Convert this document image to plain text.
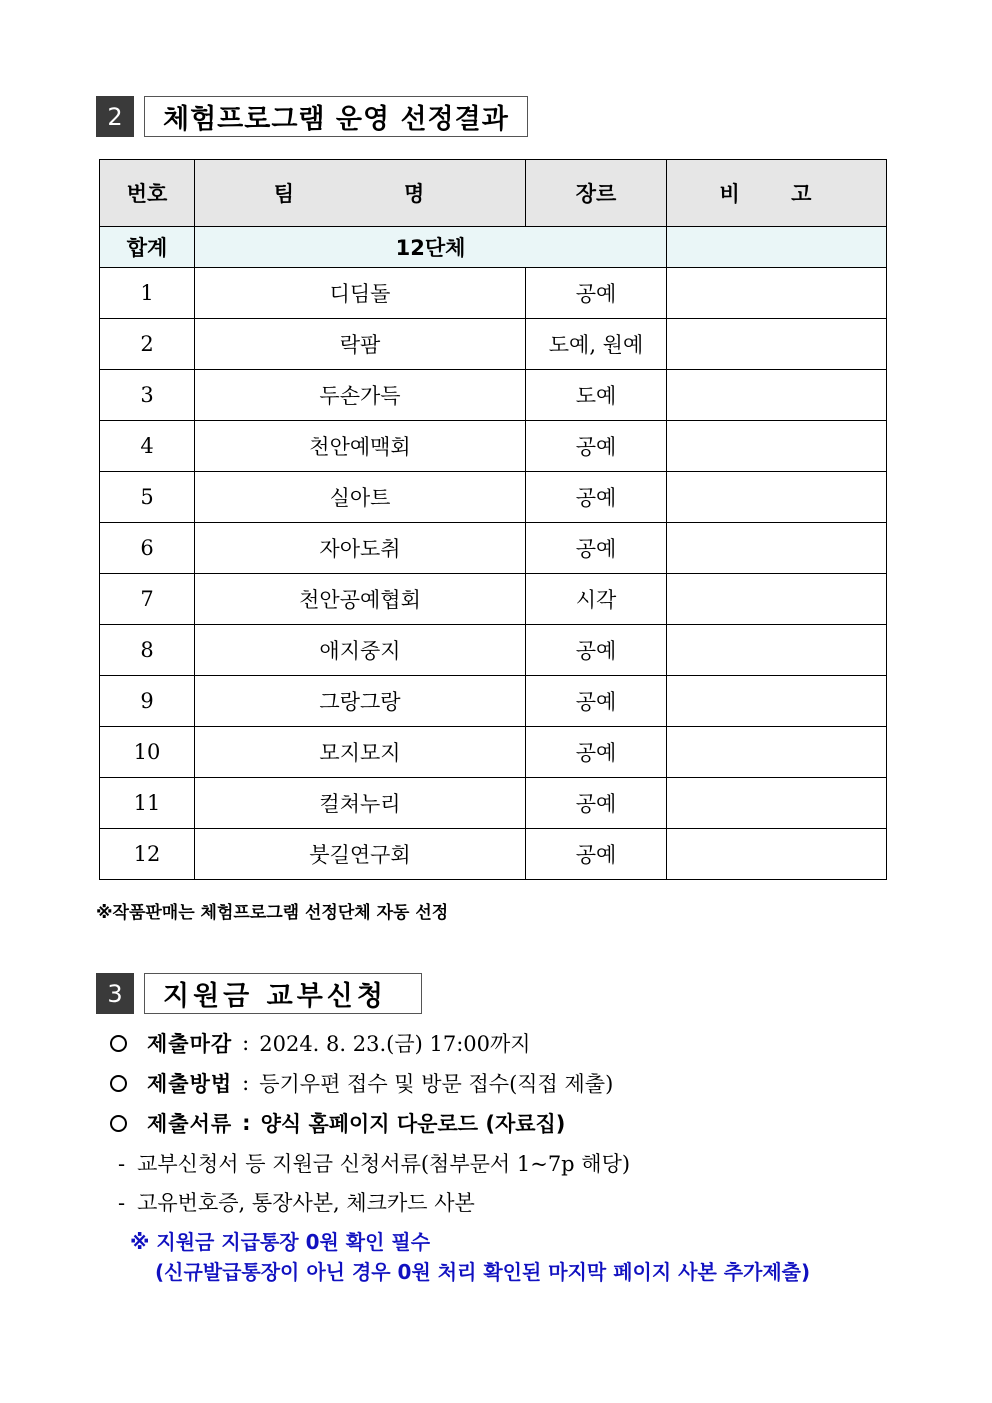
2	체험프로그램 운영 선정결과
번호	팀   명	장르	비 고
합계	12단체		
1	디딤돌	공예	
2	락팜	도예, 원예	
3	두손가득	도예	
4	천안예맥회	공예	
5	실아트	공예	
6	자아도취	공예	
7	천안공예협회	시각	
8	애지중지	공예	
9	그랑그랑	공예	
10	모지모지	공예	
11	컬쳐누리	공예	
12	붓길연구회	공예	
※작품판매는 체험프로그램 선정단체 자동 선정
3	지원금 교부신청
제출마감 : 2024. 8. 23.(금) 17:00까지
제출방법 : 등기우편 접수 및 방문 접수(직접 제출)
제출서류 : 양식 홈페이지 다운로드 (자료집)
- 교부신청서 등 지원금 신청서류(첨부문서 1~7p 해당)
- 고유번호증, 통장사본, 체크카드 사본
※ 지원금 지급통장 0원 확인 필수
(신규발급통장이 아닌 경우 0원 처리 확인된 마지막 페이지 사본 추가제출)
